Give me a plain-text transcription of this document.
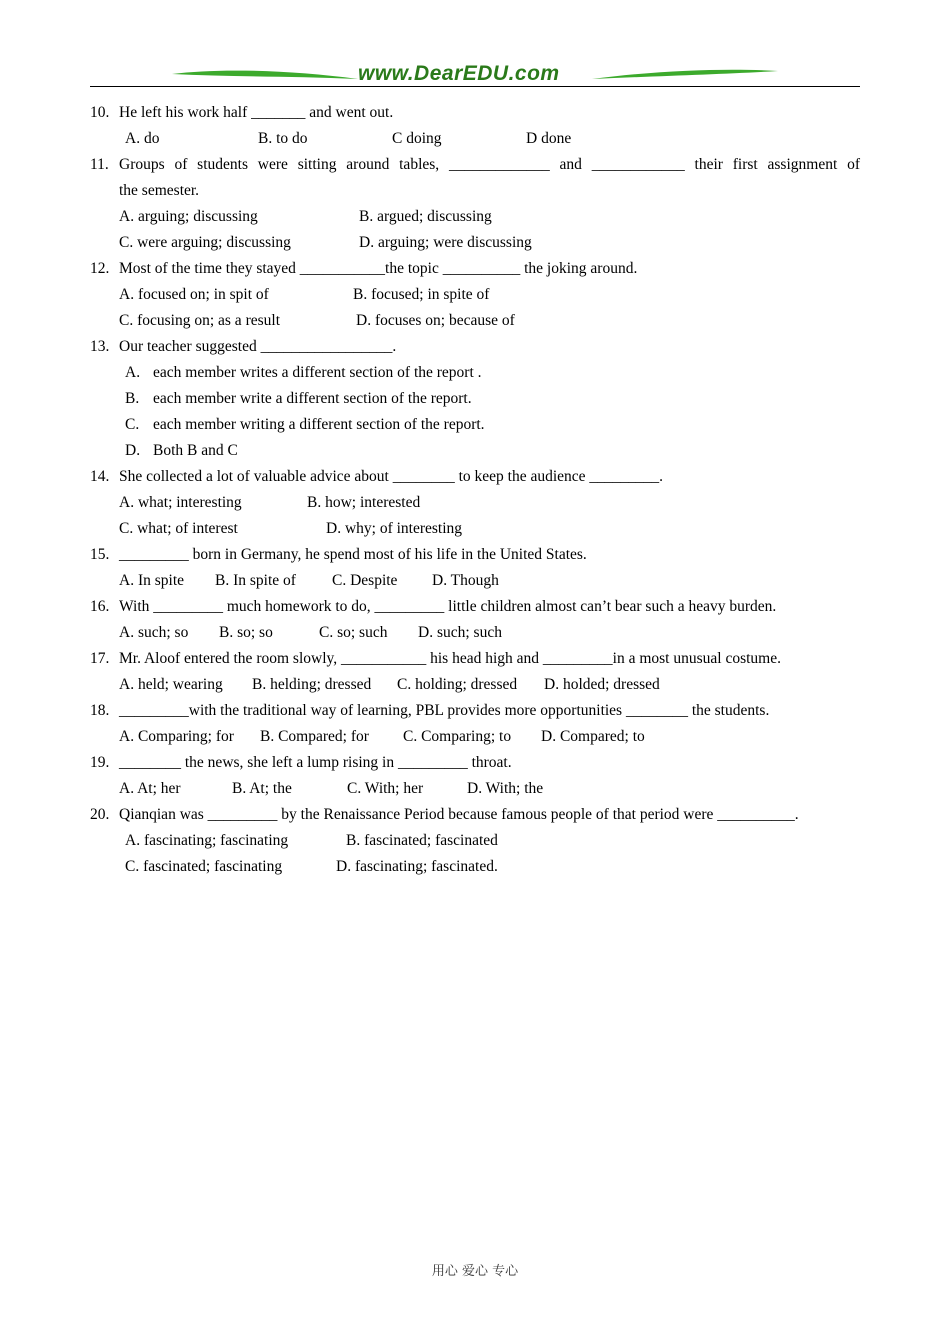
www.DearEDU.com
10. He left his work half _______ and went out.
A. do	B. to do	C doing	D done
11. Groups of students were sitting around tables, _____________ and ____________ their first assignment of
the semester.
A. arguing; discussing	B. argued; discussing
C. were arguing; discussing	D. arguing; were discussing
12. Most of the time they stayed ___________the topic __________ the joking around.
A. focused on; in spit of	B. focused; in spite of
C. focusing on; as a result	D. focuses on; because of
13. Our teacher suggested _________________.
A. each member writes a different section of the report .
B. each member write a different section of the report.
C. each member writing a different section of the report.
D. Both B and C
14. She collected a lot of valuable advice about ________ to keep the audience _________.
A. what; interesting	B. how; interested
C. what; of interest	D. why; of interesting
15. _________ born in Germany, he spend most of his life in the United States.
A. In spite B. In spite of C. Despite D. Though
16. With _________ much homework to do, _________ little children almost can’t bear such a heavy burden.
A. such; so B. so; so	C. so; such D. such; such
17. Mr. Aloof entered the room slowly, ___________ his head high and _________in a most unusual costume.
A. held; wearing B. helding; dressed C. holding; dressed D. holded; dressed
18. _________with the traditional way of learning, PBL provides more opportunities ________ the students.
A. Comparing; for B. Compared; for C. Comparing; to D. Compared; to
19. ________ the news, she left a lump rising in _________ throat.
A. At; her	B. At; the	C. With; her	D. With; the
20. Qianqian was _________ by the Renaissance Period because famous people of that period were __________.
A. fascinating; fascinating	B. fascinated; fascinated
C. fascinated; fascinating	D. fascinating; fascinated.
用心 爱心 专心
